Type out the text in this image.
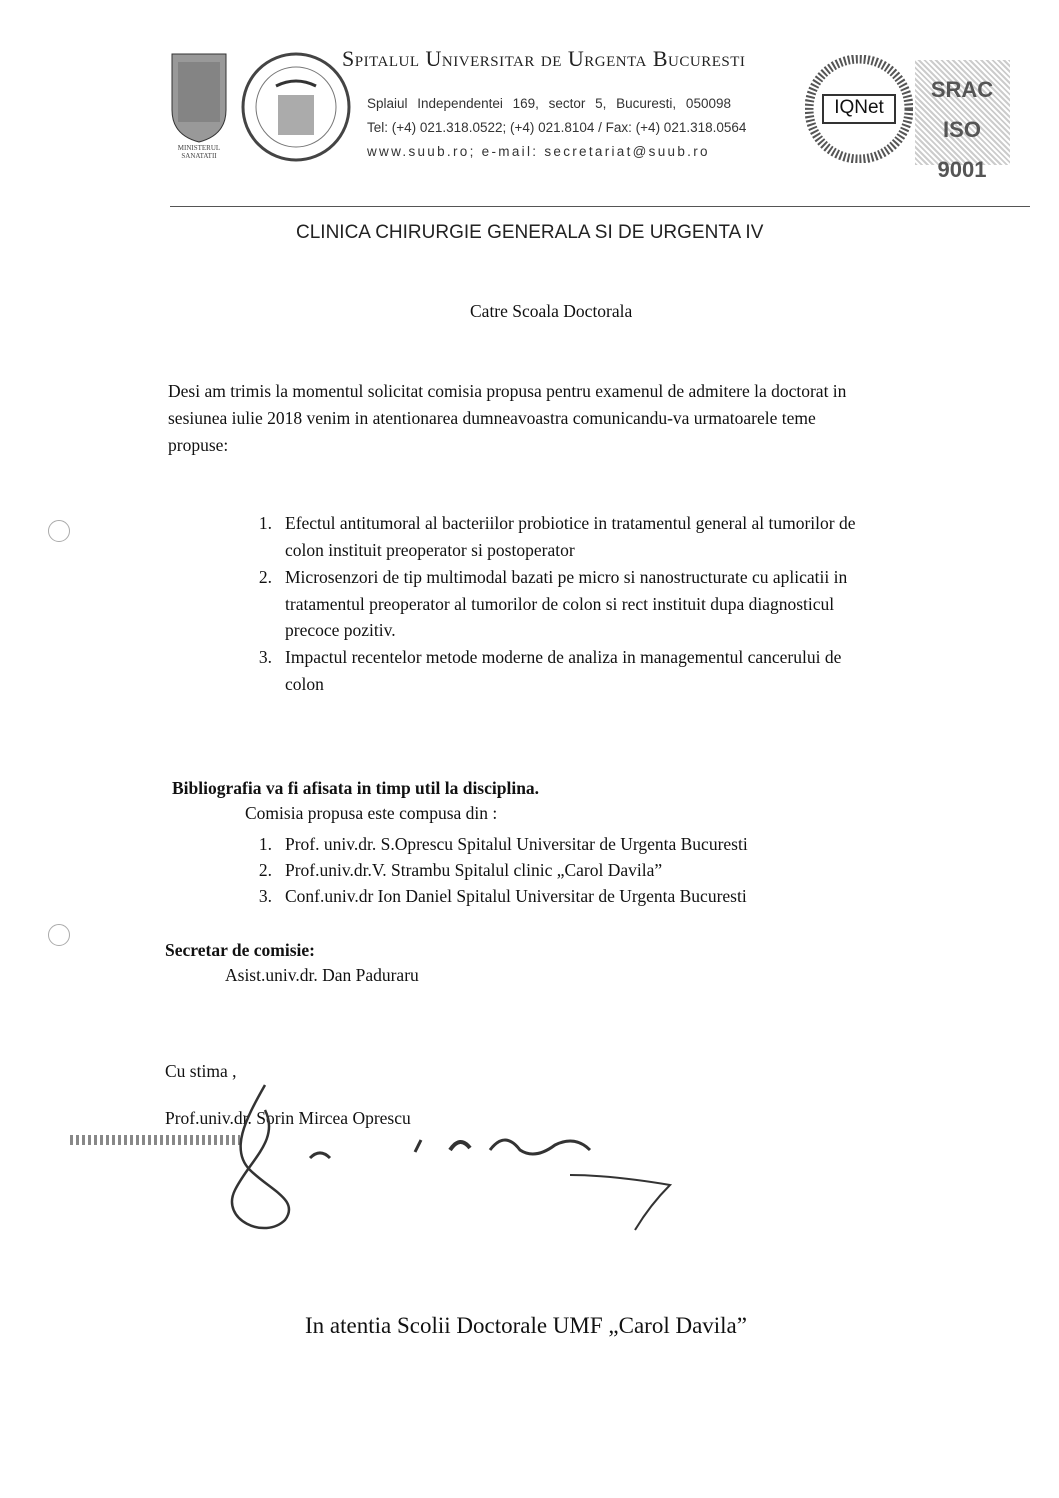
MINISTERUL SANATATII
Spitalul Universitar de Urgenta Bucuresti
Splaiul Independentei 169, sector 5, Bucuresti, 050098
Tel: (+4) 021.318.0522; (+4) 021.8104 / Fax: (+4) 021.318.0564
www.suub.ro; e-mail: secretariat@suub.ro
IQNet
SRAC ISO 9001
CLINICA CHIRURGIE GENERALA SI DE URGENTA IV
Catre Scoala Doctorala
Desi am trimis la momentul solicitat comisia propusa pentru examenul de admitere la doctorat in
sesiunea iulie 2018 venim in atentionarea dumneavoastra comunicandu-va urmatoarele teme
propuse:
1. Efectul antitumoral al bacteriilor probiotice in tratamentul general al tumorilor de
colon instituit preoperator si postoperator
2. Microsenzori de tip multimodal bazati pe micro si nanostructurate cu aplicatii in
tratamentul preoperator al tumorilor de colon si rect instituit dupa diagnosticul
precoce pozitiv.
3. Impactul recentelor metode moderne de analiza in managementul cancerului de
colon
Bibliografia va fi afisata in timp util la disciplina.
Comisia propusa este compusa din :
1. Prof. univ.dr. S.Oprescu Spitalul Universitar de Urgenta Bucuresti
2. Prof.univ.dr.V. Strambu Spitalul clinic „Carol Davila”
3. Conf.univ.dr Ion Daniel Spitalul Universitar de Urgenta Bucuresti
Secretar de comisie:
Asist.univ.dr. Dan Paduraru
Cu stima ,
Prof.univ.dr. Sorin Mircea Oprescu
In atentia Scolii Doctorale UMF „Carol Davila”
